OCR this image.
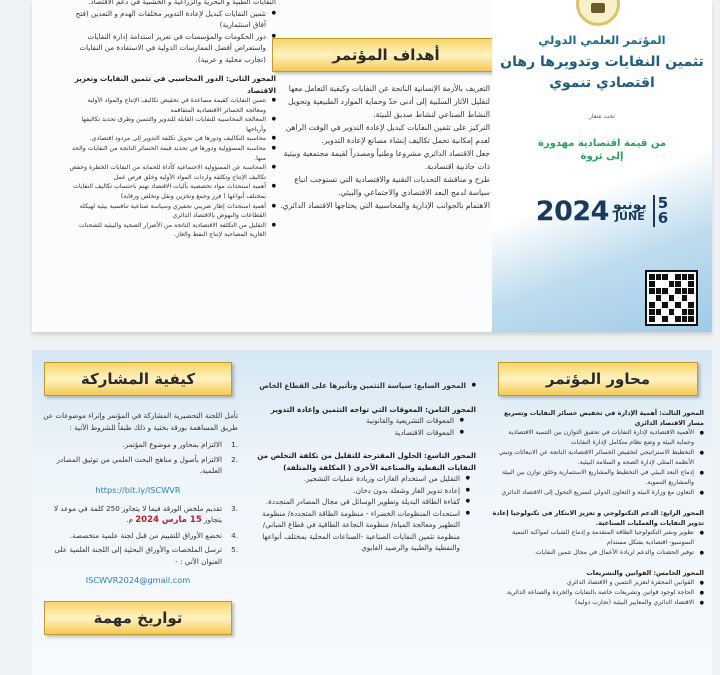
النفايات الطبية و البحرية والزراعية و الخشبية في دعم الاقتصاد.

● تثمين النفايات كبديل لإعادة التدوير مخلفات الهدم و التعدين (فتح آفاق استثمارية)
● دور الحكومات والمؤسسات في تعزيز استدامة إدارة النفايات واستعراض أفضل الممارسات الدولية في الاستفادة من النفايات (تجارب محلية و عربية).
المحور الثاني: الدور المحاسبي في تثمين النفايات وتعزيز الاقتصاد
● تثمين النفايات كقيمة مساعدة في تخفيض تكاليف الإنتاج والمواد الأولية ومعالجة الخسائر الاقتصادية المتفاقمة
● المعالجة المحاسبية للنفايات القابلة للتدوير والتثمين وطرق تحديد تكاليفها وأرباحها
● محاسبة التكاليف ودورها في تحويل تكلفة التدوير إلى مردود اقتصادي.
● محاسبة المسؤولية ودورها في تحديد قيمة الخسائر الناتجة من النفايات والحد منها.
● المحاسبة عن المسؤولية الاجتماعية كأداة للحماية من النفايات الخطرة وخفض تكاليف الإنتاج وتكلفة واردات المواد الأولية وخلق فرص عمل
● أهمية استحداث مواد تخصصية بآليات الاقتصاد تهتم باحتساب تكاليف النفايات بمختلف أنواعها ( فرز وجمع وتخزين ونقل وتخلص ورقابة)
● أهمية استحداث إطار ضريبي تحفيزي وسياسة صناعية تنافسية بيئية لهيكلة القطاعات والنهوض بالاقتصاد الدائري
● التقليل من التكلفة الاقتصادية الناتجة من الأضرار الصحية والبيئية للشحنات الغازية المصاحبة لإنتاج النفط والغاز.
أهداف المؤتمر
● التعريف بالأزمة الإنسانية الناتجة عن النفايات وكيفية التعامل معها لتقليل الآثار السلبية إلى أدنى حدّ وحماية الموارد الطبيعية وتحويل النشاط الصناعي لنشاط صديق للبيئة.
● التركيز على تثمين النفايات كبديل لإعادة التدوير في الوقت الراهن لعدم إمكانية تحمل تكاليف إنشاء مصانع لإعادة التدوير.
● جعل الاقتصاد الدائري مشروعا وطنياً ومصدراً لقيمة مجتمعية وبيئية ذات جاذبية اقتصادية.
● طرح و مناقشة التحديات التقنية والاقتصادية التي تستوجب اتباع سياسة لدمج البعد الاقتصادي والاجتماعي والبيئي.
● الاهتمام بالجوانب الإدارية والمحاسبية التي يحتاجها الاقتصاد الدائري.
المؤتمر العلمي الدولي
تثمين النفايات وتدويرها رهان
اقتصادي تنموي
تحت شعار
من قيمة اقتصادية مهدورة
إلى ثروة
2024 يونيو
JUNE
5
6
محاور المؤتمر
المحور الثالث: أهمية الإدارة في تخفيض خسائر النفايات وتسريع مسار الاقتصاد الدائري
● الأهمية الاقتصادية لإدارة النفايات في تحقيق التوازن بين التنمية الاقتصادية وحماية البيئة و وضع نظام متكامل لإدارة النفايات
● التخطيط الاستراتيجي لتخفيض الخسائر الاقتصادية الناتجة عن الانبعاثات وتبني الأنظمة المثلى لإدارة الصحة و السلامة البيئية.
● إدماج البعد البيئي في التخطيط والمشاريع الاستثمارية وخلق توازن بين البيئة والمشاريع التنموية.
● التعاون مع وزارة البيئة و التعاون الدولي لتسريع التحول إلى الاقتصاد الدائري
المحور الرابع: الدعم التكنولوجي و تعزيز الابتكار في تكنولوجيا إعادة تدوير النفايات والعمليات الصناعية.
● تطوير ونشر التكنولوجيا الطاقة المتقدمة و إدماج الشباب لمواكبة التنمية السوسيو- اقتصادية بشكل مستدام
● توفير الحضنات والدعم لريادة الأعمال في مجال تثمين النفايات.
المحور الخامس: القوانين والتشريعات
● القوانين المحفزة لتعزيز التثمين و الاقتصاد الدائري
● الحاجة لوجود قوانين وتشريعات خاصة بالنفايات والخردة والصناعة الدائرية
● الاقتصاد الدائري والمعايير البيئية (تجارب دولية)
● المحور السابع: سياسة التثمين وتأثيرها على القطاع الخاص
المحور الثامن: المعوقات التي تواجه التثمين وإعادة التدوير
● المعوقات التشريعية والقانونية
● المعوقات الاقتصادية
المحور التاسع: الحلول المقترحة للتقليل من تكلفة التخلص من النفايات النفطية والصناعية الأخرى ( المكلفة والمتلفة)
● التقليل من استخدام الغازات وزيادة عمليات التشجير.
● إعادة تدوير الغاز وشعلة بدون دخان.
● كفاءة الطاقة البديلة وتطوير الوسائل في مجال المصادر المتجددة.
● استحداث المنظومات الخضراء - منظومة الطاقة المتجددة/ منظومة التطهير ومعالجة المياه/ منظومة النجاعة الطاقية في قطاع المباني/ منظومة تثمين النفايات الصناعية -الصناعات المحلية بمختلف أنواعها والنفطية والطبية والرصيد الغابوي
كيفية المشاركة

تأمل اللجنة التحضيرية المشاركة في المؤتمر وإثراء موضوعات عن طريق المساهمة بورقة بحثية و ذلك طبقاً للشروط الآتية :

1.
الالتزام بمحاور و موضوع المؤتمر.
2.
الالتزام بأصول و مناهج البحث العلمي من توثيق المصادر العلمية.
https://bit.ly/ISCWVR
3.
تقديم ملخص الورقة فيما لا يتجاوز 250 كلمة في موعد لا يتجاوز 15 مارس 2024 م.
4.
تخضع الأوراق للتقييم من قبل لجنة علمية متخصصة.
5.
ترسل الملخصات والأوراق البحثية إلى اللجنة العلمية على العنوان الآتي : -
ISCWVR2024@gmail.com
تواريخ مهمة
